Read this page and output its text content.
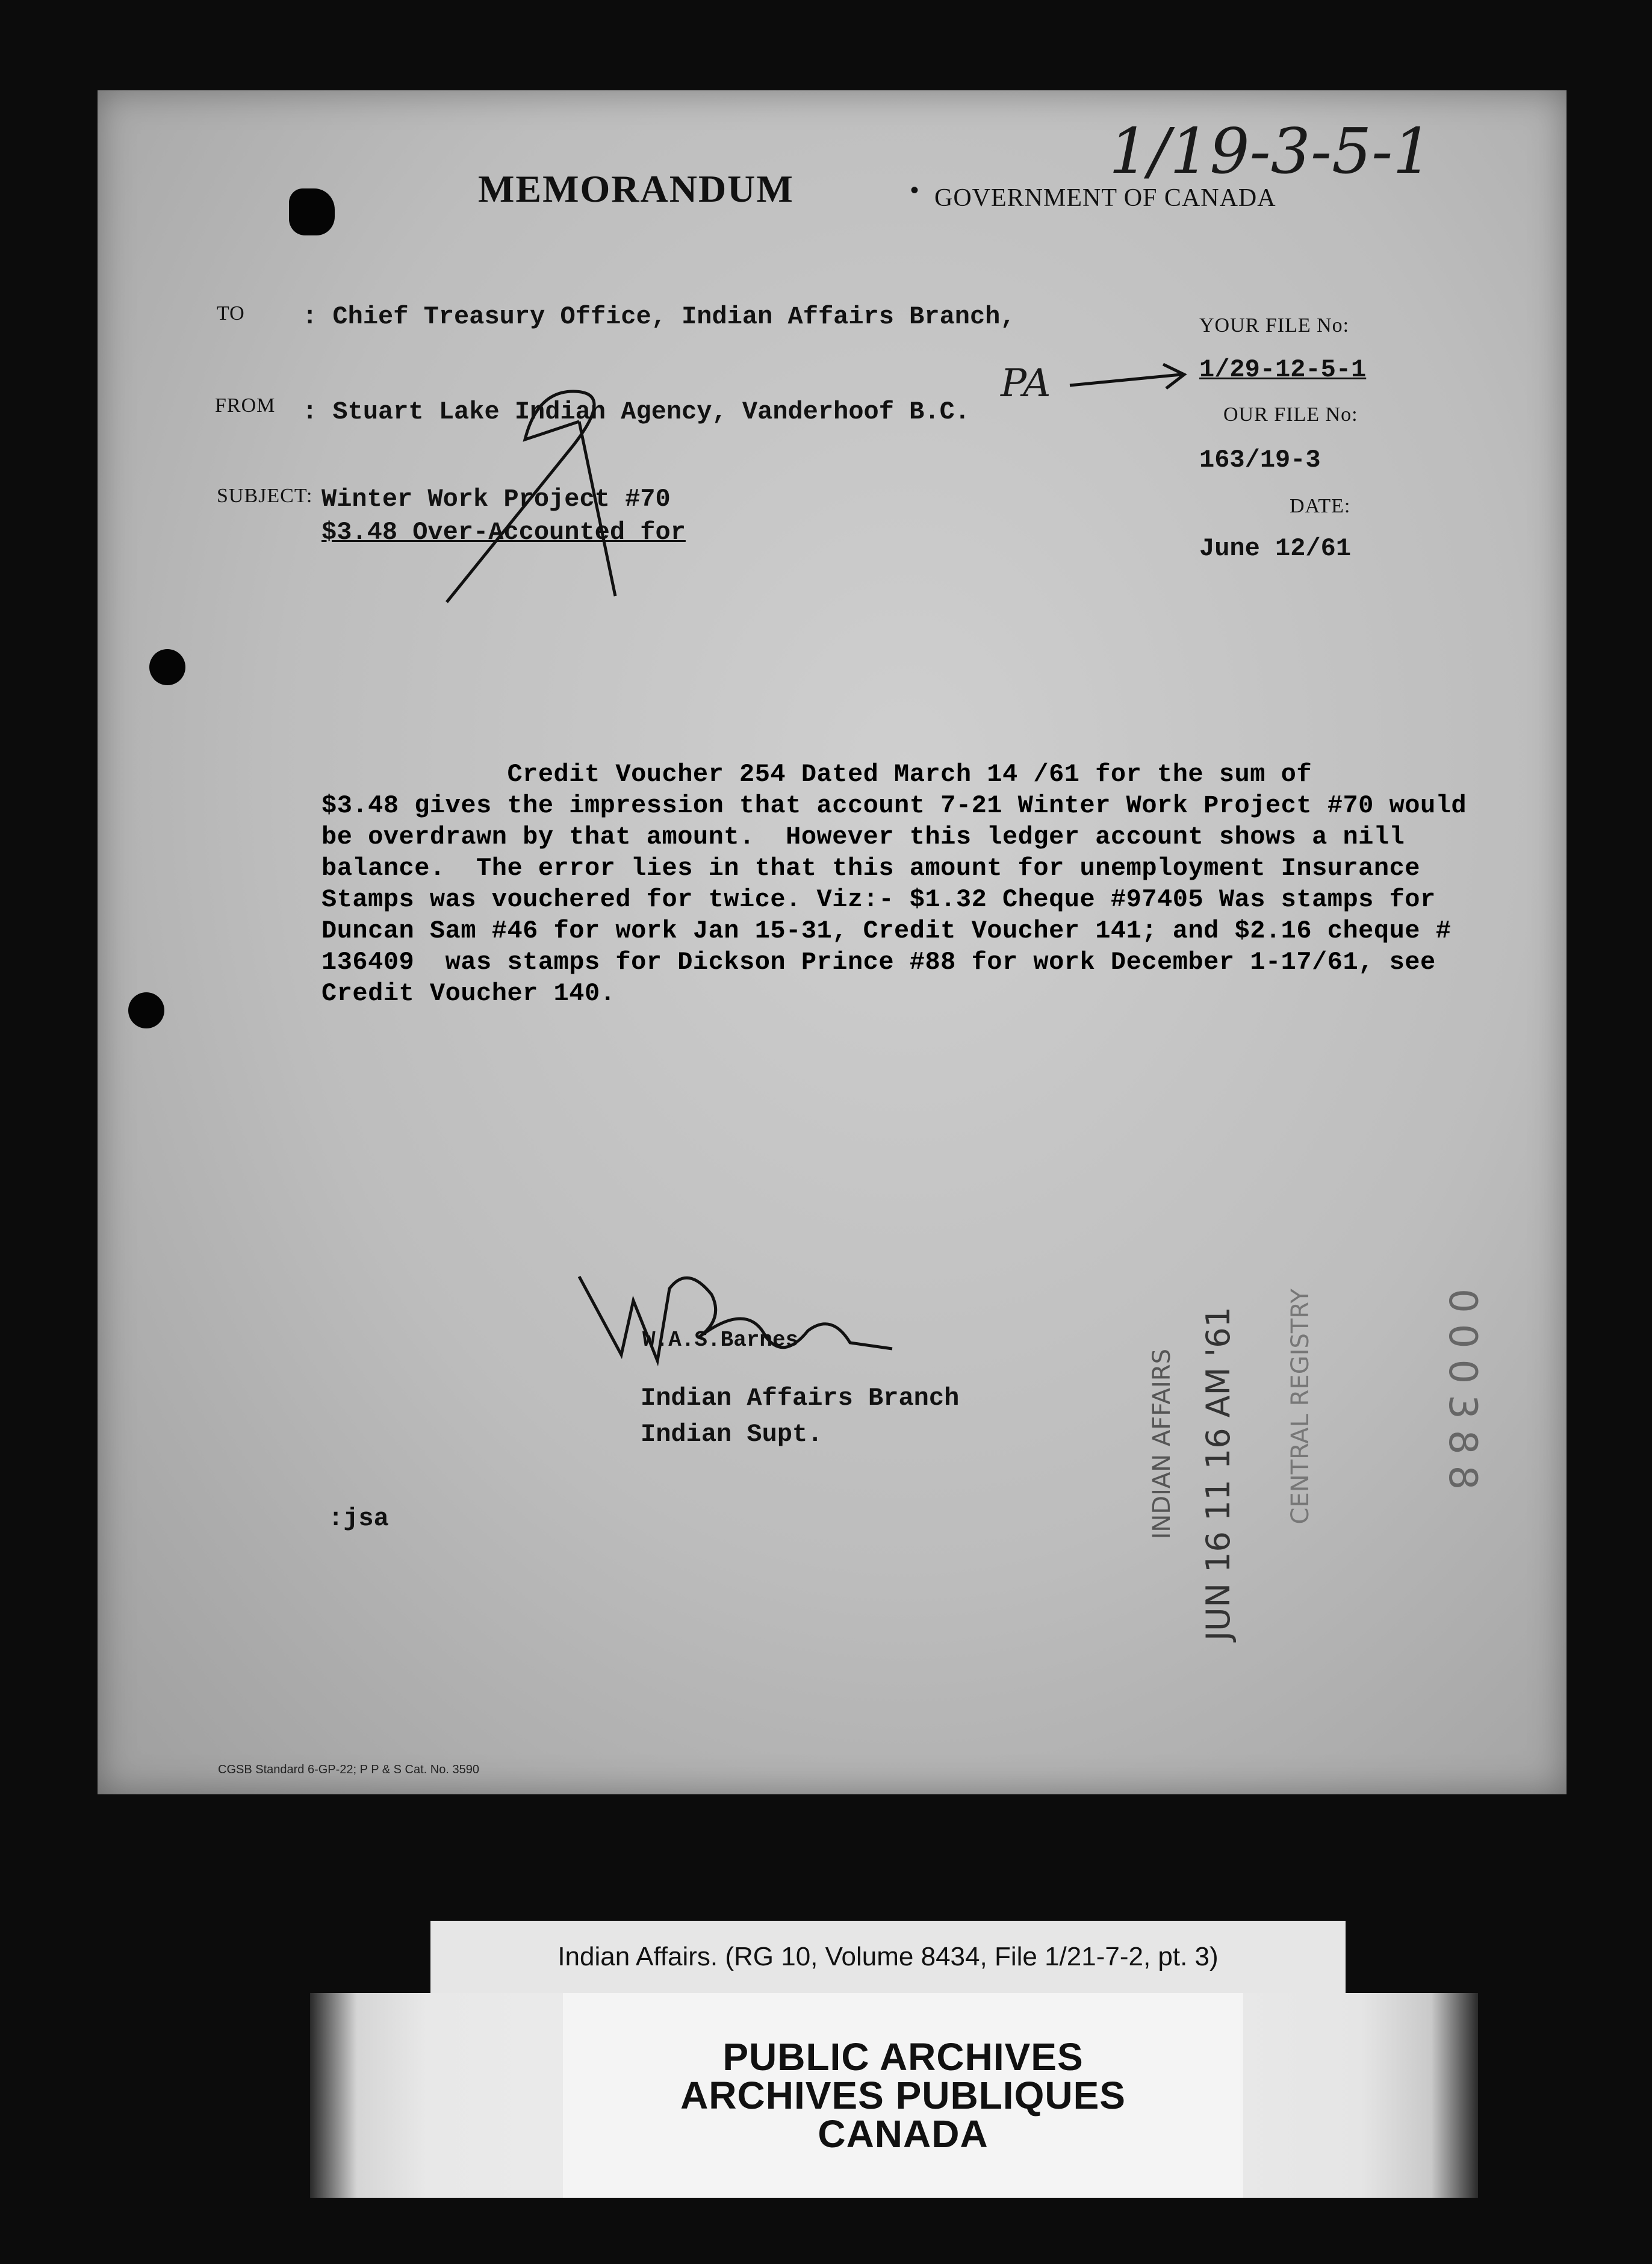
1/19-3-5-1
MEMORANDUM	• GOVERNMENT OF CANADA
TO : Chief Treasury Office, Indian Affairs Branch,
FROM : Stuart Lake Indian Agency, Vanderhoof B.C.
SUBJECT: Winter Work Project #70
$3.48 Over-Accounted for
YOUR FILE No:
PA	1/29-12-5-1
OUR FILE No:
163/19-3
DATE:
June 12/61
Credit Voucher 254 Dated March 14 /61 for the sum of
$3.48 gives the impression that account 7-21 Winter Work Project #70 would
be overdrawn by that amount.  However this ledger account shows a nill
balance.  The error lies in that this amount for unemployment Insurance
Stamps was vouchered for twice. Viz:- $1.32 Cheque #97405 Was stamps for
Duncan Sam #46 for work Jan 15-31, Credit Voucher 141; and $2.16 cheque #
136409  was stamps for Dickson Prince #88 for work December 1-17/61, see
Credit Voucher 140.
W.A.S.Barnes
Indian Affairs Branch
Indian Supt.
:jsa	JUN 16 11 16 AM '61
INDIAN AFFAIRS	CENTRAL REGISTRY	000388
CGSB Standard 6-GP-22; P P & S Cat. No. 3590
Indian Affairs. (RG 10, Volume 8434, File 1/21-7-2, pt. 3)
PUBLIC ARCHIVES
ARCHIVES PUBLIQUES
CANADA
